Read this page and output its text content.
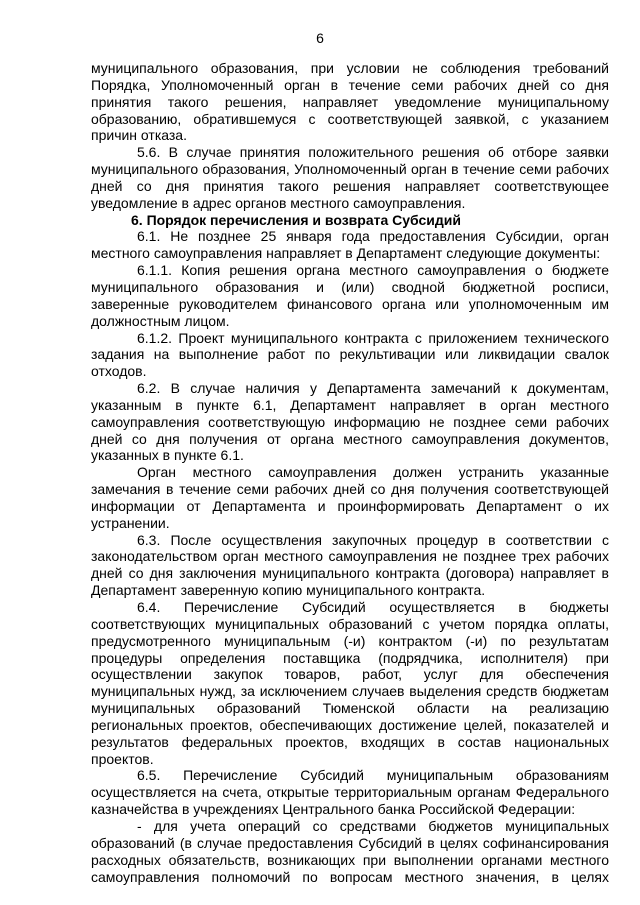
6

муниципального образования, при условии не соблюдения требований Порядка, Уполномоченный орган в течение семи рабочих дней со дня принятия такого решения, направляет уведомление муниципальному образованию, обратившемуся с соответствующей заявкой, с указанием причин отказа.

5.6. В случае принятия положительного решения об отборе заявки муниципального образования, Уполномоченный орган в течение семи рабочих дней со дня принятия такого решения направляет соответствующее уведомление в адрес органов местного самоуправления.

6. Порядок перечисления и возврата Субсидий

6.1. Не позднее 25 января года предоставления Субсидии, орган местного самоуправления направляет в Департамент следующие документы:

6.1.1. Копия решения органа местного самоуправления о бюджете муниципального образования и (или) сводной бюджетной росписи, заверенные руководителем финансового органа или уполномоченным им должностным лицом.

6.1.2. Проект муниципального контракта с приложением технического задания на выполнение работ по рекультивации или ликвидации свалок отходов.

6.2. В случае наличия у Департамента замечаний к документам, указанным в пункте 6.1, Департамент направляет в орган местного самоуправления соответствующую информацию не позднее семи рабочих дней со дня получения от органа местного самоуправления документов, указанных в пункте 6.1.

Орган местного самоуправления должен устранить указанные замечания в течение семи рабочих дней со дня получения соответствующей информации от Департамента и проинформировать Департамент о их устранении.

6.3. После осуществления закупочных процедур в соответствии с законодательством орган местного самоуправления не позднее трех рабочих дней со дня заключения муниципального контракта (договора) направляет в Департамент заверенную копию муниципального контракта.

6.4. Перечисление Субсидий осуществляется в бюджеты соответствующих муниципальных образований с учетом порядка оплаты, предусмотренного муниципальным (-и) контрактом (-и) по результатам процедуры определения поставщика (подрядчика, исполнителя) при осуществлении закупок товаров, работ, услуг для обеспечения муниципальных нужд, за исключением случаев выделения средств бюджетам муниципальных образований Тюменской области на реализацию региональных проектов, обеспечивающих достижение целей, показателей и результатов федеральных проектов, входящих в состав национальных проектов.

6.5. Перечисление Субсидий муниципальным образованиям осуществляется на счета, открытые территориальным органам Федерального казначейства в учреждениях Центрального банка Российской Федерации:

- для учета операций со средствами бюджетов муниципальных образований (в случае предоставления Субсидий в целях софинансирования расходных обязательств, возникающих при выполнении органами местного самоуправления полномочий по вопросам местного значения, в целях
